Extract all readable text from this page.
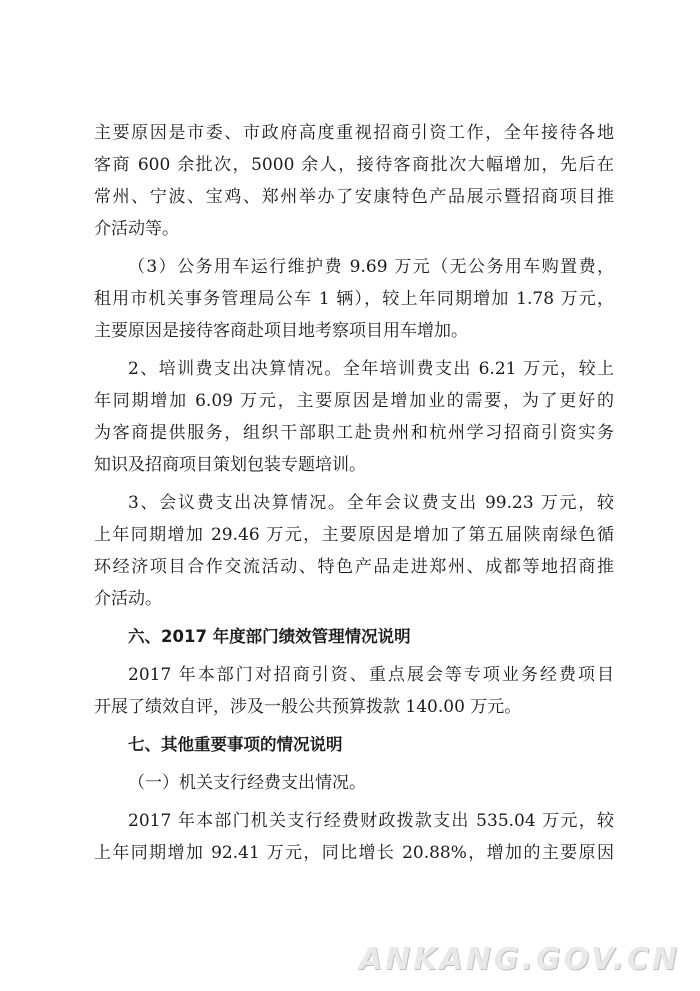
主要原因是市委、市政府高度重视招商引资工作，全年接待各地
客商 600 余批次，5000 余人，接待客商批次大幅增加，先后在
常州、宁波、宝鸡、郑州举办了安康特色产品展示暨招商项目推
介活动等。
（3）公务用车运行维护费 9.69 万元（无公务用车购置费，
租用市机关事务管理局公车 1 辆），较上年同期增加 1.78 万元，
主要原因是接待客商赴项目地考察项目用车增加。
2、培训费支出决算情况。全年培训费支出 6.21 万元，较上
年同期增加 6.09 万元，主要原因是增加业的需要，为了更好的
为客商提供服务，组织干部职工赴贵州和杭州学习招商引资实务
知识及招商项目策划包装专题培训。
3、会议费支出决算情况。全年会议费支出 99.23 万元，较
上年同期增加 29.46 万元，主要原因是增加了第五届陕南绿色循
环经济项目合作交流活动、特色产品走进郑州、成都等地招商推
介活动。
六、2017 年度部门绩效管理情况说明
2017 年本部门对招商引资、重点展会等专项业务经费项目
开展了绩效自评，涉及一般公共预算拨款 140.00 万元。
七、其他重要事项的情况说明
（一）机关支行经费支出情况。
2017 年本部门机关支行经费财政拨款支出 535.04 万元，较
上年同期增加 92.41 万元，同比增长 20.88%，增加的主要原因
ANKANG.GOV.CN
